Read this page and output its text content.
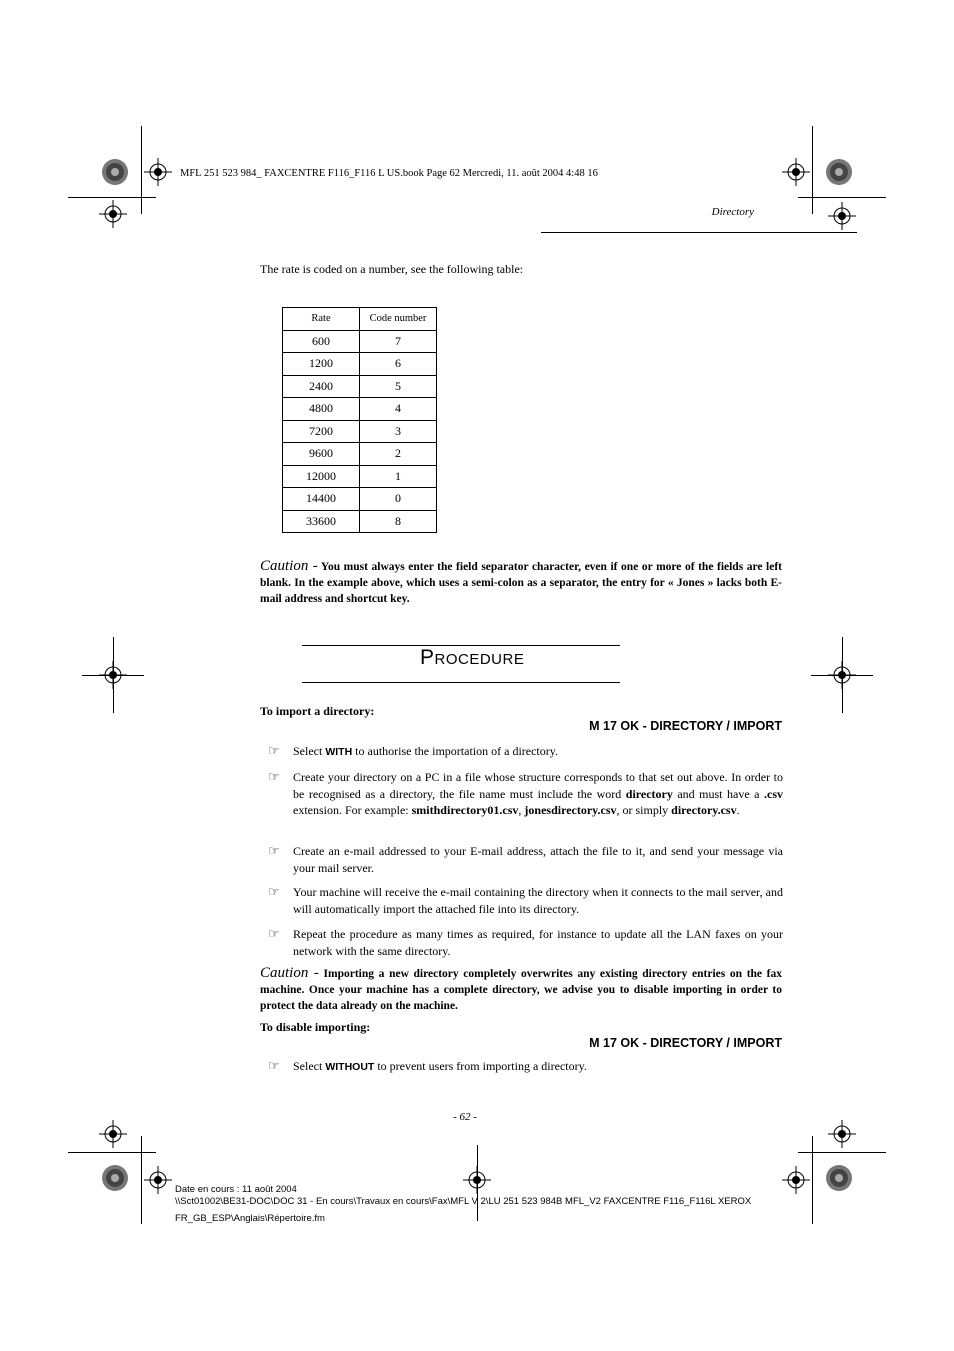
MFL 251 523 984_ FAXCENTRE F116_F116 L US.book Page 62 Mercredi, 11. août 2004 4:48 16
Directory
The rate is coded on a number, see the following table:
Rate	Code number
600	7
1200	6
2400	5
4800	4
7200	3
9600	2
12000	1
14400	0
33600	8
Caution - You must always enter the field separator character, even if one or more of the fields are left blank. In the example above, which uses a semi-colon as a separator, the entry for « Jones » lacks both E-mail address and shortcut key.
PROCEDURE
To import a directory:
M 17 OK - DIRECTORY / IMPORT
☞ Select WITH to authorise the importation of a directory.
☞ Create your directory on a PC in a file whose structure corresponds to that set out above. In order to be recognised as a directory, the file name must include the word directory and must have a .csv extension. For example: smithdirectory01.csv, jonesdirectory.csv, or simply directory.csv.
☞ Create an e-mail addressed to your E-mail address, attach the file to it, and send your message via your mail server.
☞ Your machine will receive the e-mail containing the directory when it connects to the mail server, and will automatically import the attached file into its directory.
☞ Repeat the procedure as many times as required, for instance to update all the LAN faxes on your network with the same directory.
Caution - Importing a new directory completely overwrites any existing directory entries on the fax machine. Once your machine has a complete directory, we advise you to disable importing in order to protect the data already on the machine.
To disable importing:
M 17 OK - DIRECTORY / IMPORT
☞ Select WITHOUT to prevent users from importing a directory.
- 62 -
Date en cours : 11 août 2004
\\Sct01002\BE31-DOC\DOC 31 - En cours\Travaux en cours\Fax\MFL V 2\LU 251 523 984B MFL_V2 FAXCENTRE F116_F116L XEROX
FR_GB_ESP\Anglais\Répertoire.fm
